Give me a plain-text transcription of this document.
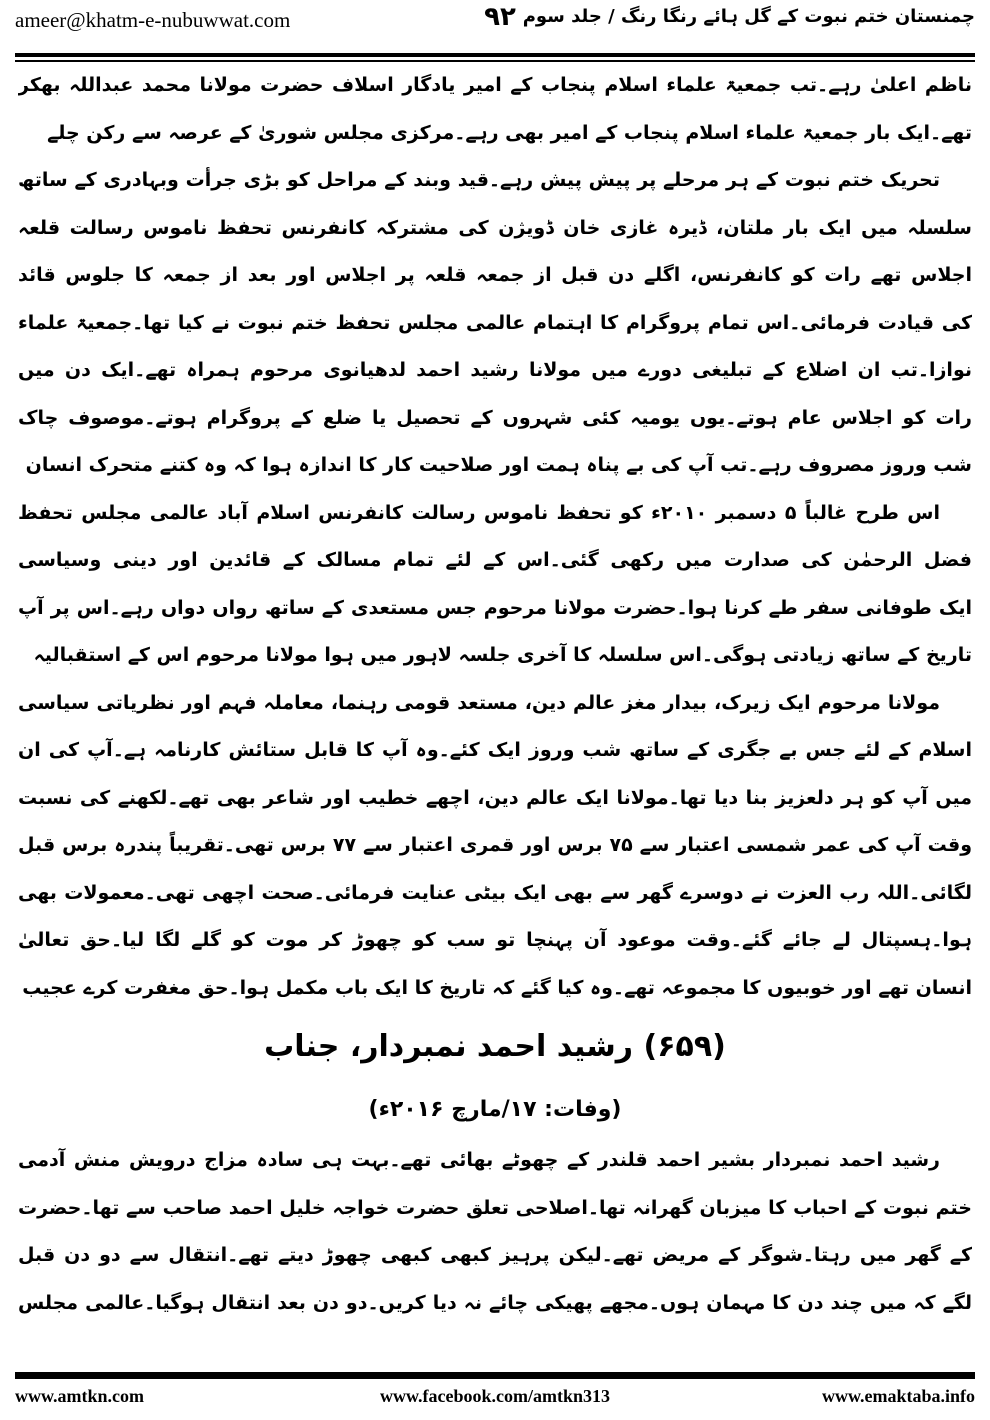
ameer@khatm-e-nubuwwat.com	۹۲ چمنستان ختم نبوت کے گل ہائے رنگا رنگ / جلد سوم
ناظم اعلیٰ رہے۔تب جمعیۃ علماء اسلام پنجاب کے امیر یادگار اسلاف حضرت مولانا محمد عبداللہ بھکر
تھے۔ایک بار جمعیۃ علماء اسلام پنجاب کے امیر بھی رہے۔مرکزی مجلس شوریٰ کے عرصہ سے رکن چلے
تحریک ختم نبوت کے ہر مرحلے پر پیش پیش رہے۔قید وبند کے مراحل کو بڑی جرأت وبہادری کے ساتھ
سلسلہ میں ایک بار ملتان، ڈیرہ غازی خان ڈویژن کی مشترکہ کانفرنس تحفظ ناموس رسالت قلعہ
اجلاس تھے رات کو کانفرنس، اگلے دن قبل از جمعہ قلعہ پر اجلاس اور بعد از جمعہ کا جلوس قائد
کی قیادت فرمائی۔اس تمام پروگرام کا اہتمام عالمی مجلس تحفظ ختم نبوت نے کیا تھا۔جمعیۃ علماء
نوازا۔تب ان اضلاع کے تبلیغی دورے میں مولانا رشید احمد لدھیانوی مرحوم ہمراہ تھے۔ایک دن میں
رات کو اجلاس عام ہوتے۔یوں یومیہ کئی شہروں کے تحصیل یا ضلع کے پروگرام ہوتے۔موصوف چاک
شب وروز مصروف رہے۔تب آپ کی بے پناہ ہمت اور صلاحیت کار کا اندازہ ہوا کہ وہ کتنے متحرک انسان
اس طرح غالباً ۵ دسمبر ۲۰۱۰ء کو تحفظ ناموس رسالت کانفرنس اسلام آباد عالمی مجلس تحفظ
فضل الرحمٰن کی صدارت میں رکھی گئی۔اس کے لئے تمام مسالک کے قائدین اور دینی وسیاسی
ایک طوفانی سفر طے کرنا ہوا۔حضرت مولانا مرحوم جس مستعدی کے ساتھ رواں دواں رہے۔اس پر آپ
تاریخ کے ساتھ زیادتی ہوگی۔اس سلسلہ کا آخری جلسہ لاہور میں ہوا مولانا مرحوم اس کے استقبالیہ
مولانا مرحوم ایک زیرک، بیدار مغز عالم دین، مستعد قومی رہنما، معاملہ فہم اور نظریاتی سیاسی
اسلام کے لئے جس بے جگری کے ساتھ شب وروز ایک کئے۔وہ آپ کا قابل ستائش کارنامہ ہے۔آپ کی ان
میں آپ کو ہر دلعزیز بنا دیا تھا۔مولانا ایک عالم دین، اچھے خطیب اور شاعر بھی تھے۔لکھنے کی نسبت
وقت آپ کی عمر شمسی اعتبار سے ۷۵ برس اور قمری اعتبار سے ۷۷ برس تھی۔تقریباً پندرہ برس قبل
لگائی۔اللہ رب العزت نے دوسرے گھر سے بھی ایک بیٹی عنایت فرمائی۔صحت اچھی تھی۔معمولات بھی
ہوا۔ہسپتال لے جائے گئے۔وقت موعود آن پہنچا تو سب کو چھوڑ کر موت کو گلے لگا لیا۔حق تعالیٰ
انسان تھے اور خوبیوں کا مجموعہ تھے۔وہ کیا گئے کہ تاریخ کا ایک باب مکمل ہوا۔حق مغفرت کرے عجیب
(۶۵۹) رشید احمد نمبردار، جناب
(وفات: ۱۷/مارچ ۲۰۱۶ء)
رشید احمد نمبردار بشیر احمد قلندر کے چھوٹے بھائی تھے۔بہت ہی سادہ مزاج درویش منش آدمی
ختم نبوت کے احباب کا میزبان گھرانہ تھا۔اصلاحی تعلق حضرت خواجہ خلیل احمد صاحب سے تھا۔حضرت
کے گھر میں رہتا۔شوگر کے مریض تھے۔لیکن پرہیز کبھی کبھی چھوڑ دیتے تھے۔انتقال سے دو دن قبل
لگے کہ میں چند دن کا مہمان ہوں۔مجھے پھیکی چائے نہ دیا کریں۔دو دن بعد انتقال ہوگیا۔عالمی مجلس
www.amtkn.com	www.facebook.com/amtkn313	www.emaktaba.info
